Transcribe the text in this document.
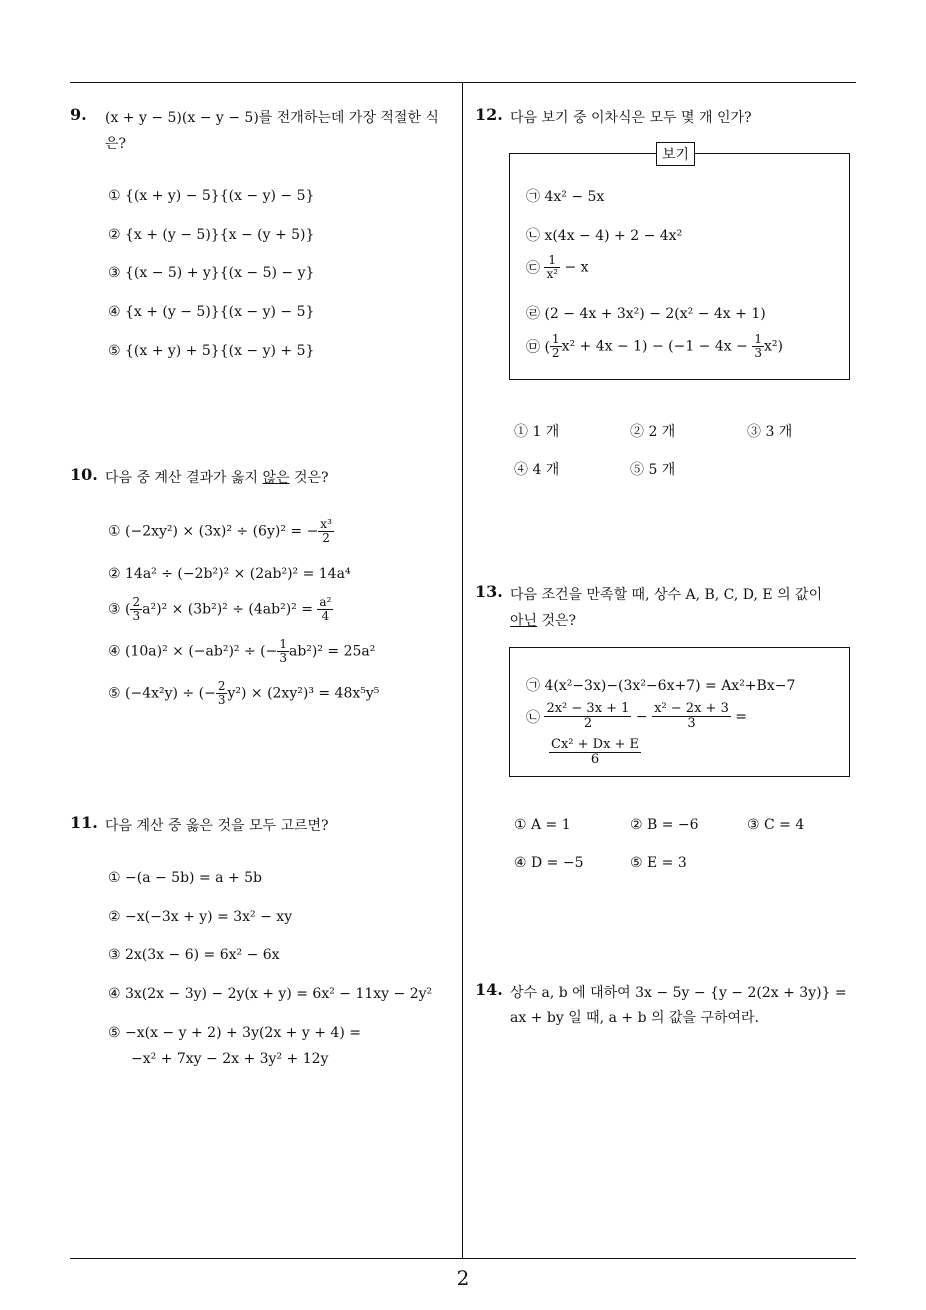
2
9. (x + y − 5)(x − y − 5)를 전개하는데 가장 적절한 식
은?
① {(x + y) − 5}{(x − y) − 5}
② {x + (y − 5)}{x − (y + 5)}
③ {(x − 5) + y}{(x − 5) − y}
④ {x + (y − 5)}{(x − y) − 5}
⑤ {(x + y) + 5}{(x − y) + 5}
10. 다음 중 계산 결과가 옳지 않은 것은?
① (−2xy²) × (3x)² ÷ (6y)² = − $\frac{\text{x³}}{2}$
② 14a² ÷ (−2b²)² × (2ab²)² = 14a⁴
③ ( $\frac{2}{3} a^2)^2 \times (3b^2)^2 \div (4ab^2)^2 = \frac{\text{a²}}{4}$
④ (10a)² × (−ab²)² ÷ (− $\frac{1}{3} ab^2)^2 = 25a^2$
⑤ (−4x²y) ÷ (− $\frac{2}{3} y^2) \times (2xy^2)^3 = 48x^5y^5$
11. 다음 계산 중 옳은 것을 모두 고르면?
① −(a − 5b) = a + 5b
② −x(−3x + y) = 3x² − xy
③ 2x(3x − 6) = 6x² − 6x
④ 3x(2x − 3y) − 2y(x + y) = 6x² − 11xy − 2y²
⑤ −x(x − y + 2) + 3y(2x + y + 4) =
−x² + 7xy − 2x + 3y² + 12y
12. 다음 보기 중 이차식은 모두 몇 개 인가?
보기
㉠ 4x² − 5x
㉡ x(4x − 4) + 2 − 4x²
㉢ $\frac{1}{\text{x²}} - x$
㉣ (2 − 4x + 3x²) − 2(x² − 4x + 1)
㉤ ( $\frac{1}{2} x^2 + 4x - 1) - (-1 - 4x - \frac{1}{3} x^2)$
① 1 개	② 2 개	③ 3 개
④ 4 개	⑤ 5 개
13. 다음 조건을 만족할 때, 상수 A, B, C, D, E 의 값이
아닌 것은?
㉠ 4(x²−3x)−(3x²−6x+7) = Ax²+Bx−7
㉡ $\frac{\text{2x² − 3x + 1}}{2} - \frac{\text{x² − 2x + 3}}{3}$ =
$\frac{\text{Cx² + Dx + E}}{6}$
① A = 1	② B = −6	③ C = 4
④ D = −5	⑤ E = 3
14. 상수 a, b 에 대하여 3x − 5y − {y − 2(2x + 3y)} =
ax + by 일 때, a + b 의 값을 구하여라.
